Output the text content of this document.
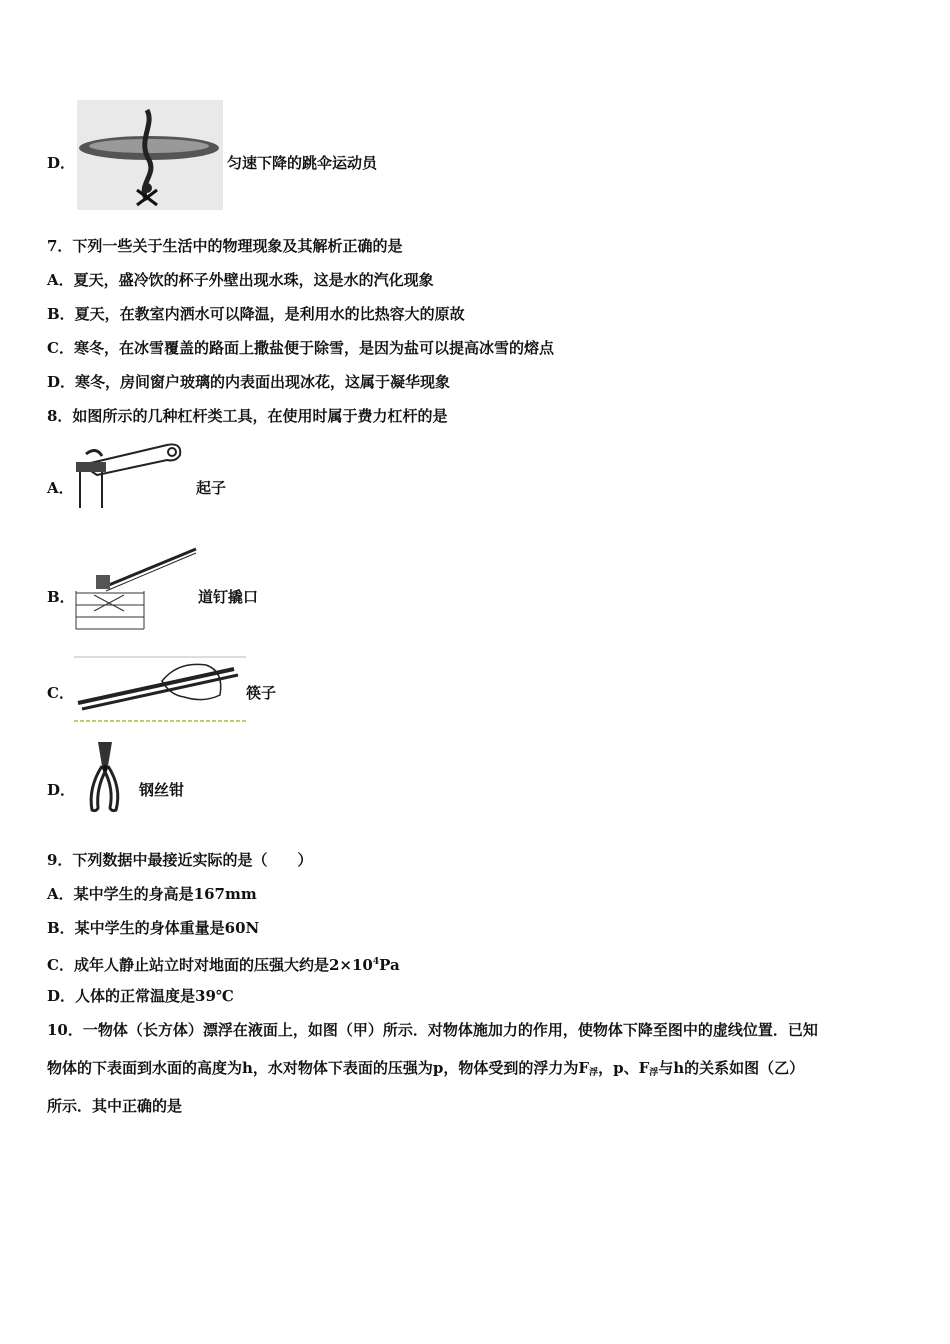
D．	匀速下降的跳伞运动员
7．下列一些关于生活中的物理现象及其解析正确的是
A．夏天，盛冷饮的杯子外壁出现水珠，这是水的汽化现象
B．夏天，在教室内洒水可以降温，是利用水的比热容大的原故
C．寒冬，在冰雪覆盖的路面上撒盐便于除雪，是因为盐可以提高冰雪的熔点
D．寒冬，房间窗户玻璃的内表面出现冰花，这属于凝华现象
8．如图所示的几种杠杆类工具，在使用时属于费力杠杆的是
A．	起子
B．	道钉撬口
C．	筷子
D．	钢丝钳
9．下列数据中最接近实际的是（　　）
A．某中学生的身高是167mm
B．某中学生的身体重量是60N
C．成年人静止站立时对地面的压强大约是$2\times 10^4Pa$
D．人体的正常温度是39℃
10．一物体（长方体）漂浮在液面上，如图（甲）所示．对物体施加力的作用，使物体下降至图中的虚线位置．已知
物体的下表面到水面的高度为h，水对物体下表面的压强为p，物体受到的浮力为$F_浮$，p、$F_浮$与h的关系如图（乙）
所示．其中正确的是
